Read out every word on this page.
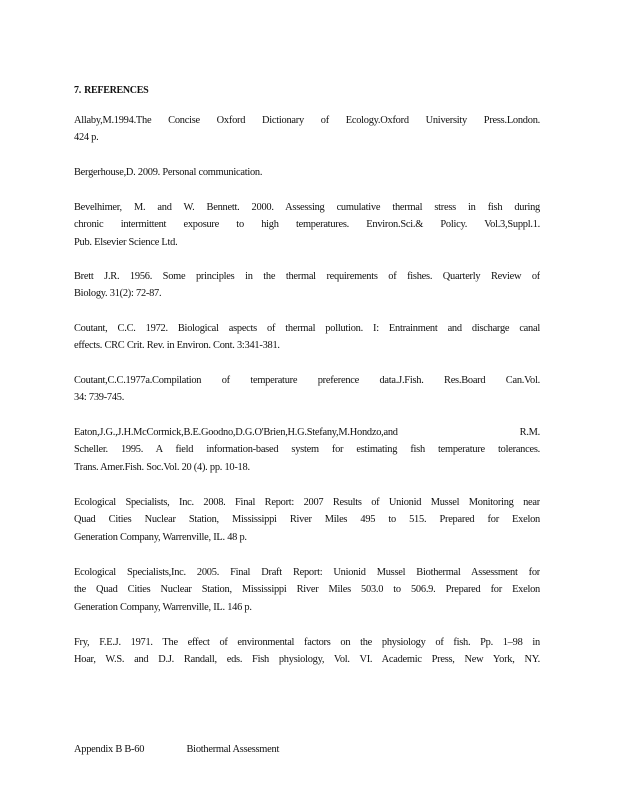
7. REFERENCES
Allaby,M.1994.The Concise Oxford Dictionary of Ecology.Oxford University Press.London.
424 p.
Bergerhouse,D. 2009. Personal communication.
Bevelhimer, M. and W. Bennett. 2000. Assessing cumulative thermal stress in fish during
chronic intermittent exposure to high temperatures. Environ.Sci.& Policy. Vol.3,Suppl.1.
Pub. Elsevier Science Ltd.
Brett J.R. 1956. Some principles in the thermal requirements of fishes. Quarterly Review of
Biology. 31(2): 72-87.
Coutant, C.C. 1972. Biological aspects of thermal pollution. I: Entrainment and discharge canal
effects. CRC Crit. Rev. in Environ. Cont. 3:341-381.
Coutant,C.C.1977a.Compilation of temperature preference data.J.Fish. Res.Board Can.Vol.
34: 739-745.
Eaton,J.G.,J.H.McCormick,B.E.Goodno,D.G.O'Brien,H.G.Stefany,M.Hondzo,and R.M.
Scheller. 1995. A field information-based system for estimating fish temperature tolerances.
Trans. Amer.Fish. Soc.Vol. 20 (4). pp. 10-18.
Ecological Specialists, Inc. 2008. Final Report: 2007 Results of Unionid Mussel Monitoring near
Quad Cities Nuclear Station, Mississippi River Miles 495 to 515. Prepared for Exelon
Generation Company, Warrenville, IL. 48 p.
Ecological Specialists,Inc. 2005. Final Draft Report: Unionid Mussel Biothermal Assessment for
the Quad Cities Nuclear Station, Mississippi River Miles 503.0 to 506.9. Prepared for Exelon
Generation Company, Warrenville, IL. 146 p.
Fry, F.E.J. 1971. The effect of environmental factors on the physiology of fish. Pp. 1–98 in
Hoar, W.S. and D.J. Randall, eds. Fish physiology, Vol. VI. Academic Press, New York, NY.
Appendix B B-60	Biothermal Assessment
